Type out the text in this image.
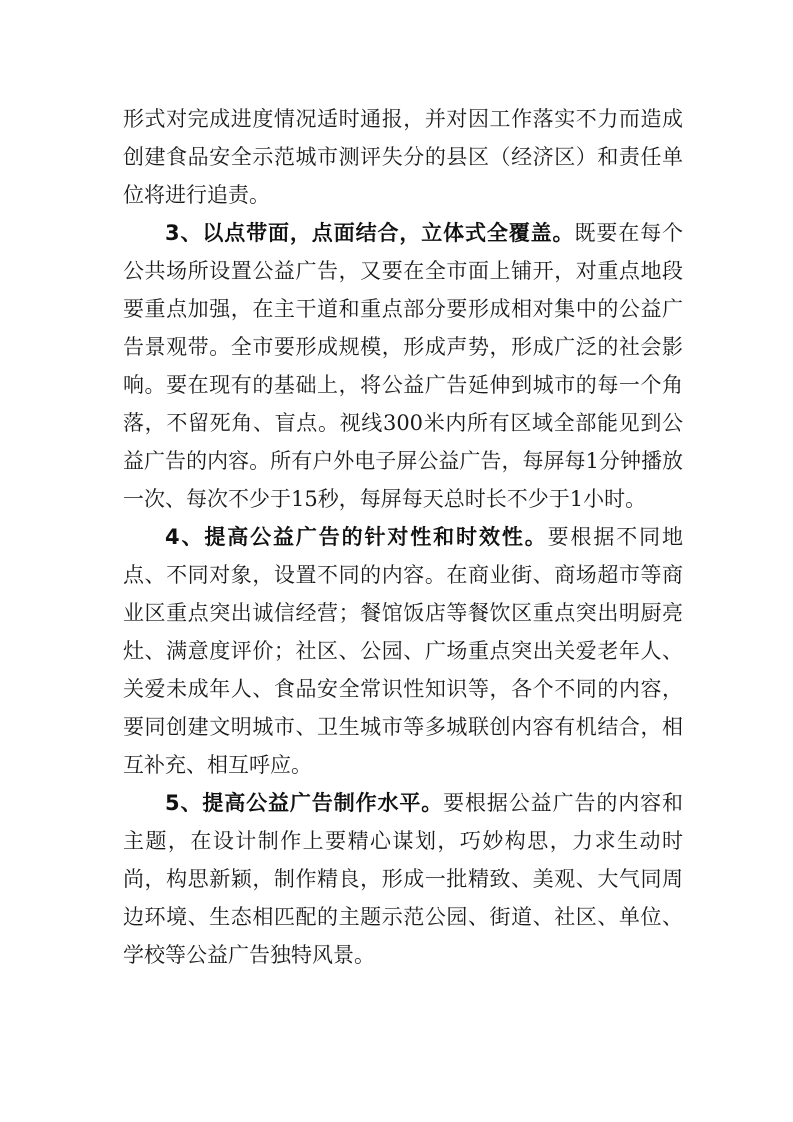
形式对完成进度情况适时通报，并对因工作落实不力而造成创建食品安全示范城市测评失分的县区（经济区）和责任单位将进行追责。

3、以点带面，点面结合，立体式全覆盖。既要在每个公共场所设置公益广告，又要在全市面上铺开，对重点地段要重点加强，在主干道和重点部分要形成相对集中的公益广告景观带。全市要形成规模，形成声势，形成广泛的社会影响。要在现有的基础上，将公益广告延伸到城市的每一个角落，不留死角、盲点。视线300米内所有区域全部能见到公益广告的内容。所有户外电子屏公益广告，每屏每1分钟播放一次、每次不少于15秒，每屏每天总时长不少于1小时。

4、提高公益广告的针对性和时效性。要根据不同地点、不同对象，设置不同的内容。在商业街、商场超市等商业区重点突出诚信经营；餐馆饭店等餐饮区重点突出明厨亮灶、满意度评价；社区、公园、广场重点突出关爱老年人、关爱未成年人、食品安全常识性知识等，各个不同的内容，要同创建文明城市、卫生城市等多城联创内容有机结合，相互补充、相互呼应。

5、提高公益广告制作水平。要根据公益广告的内容和主题，在设计制作上要精心谋划，巧妙构思，力求生动时尚，构思新颖，制作精良，形成一批精致、美观、大气同周边环境、生态相匹配的主题示范公园、街道、社区、单位、学校等公益广告独特风景。
